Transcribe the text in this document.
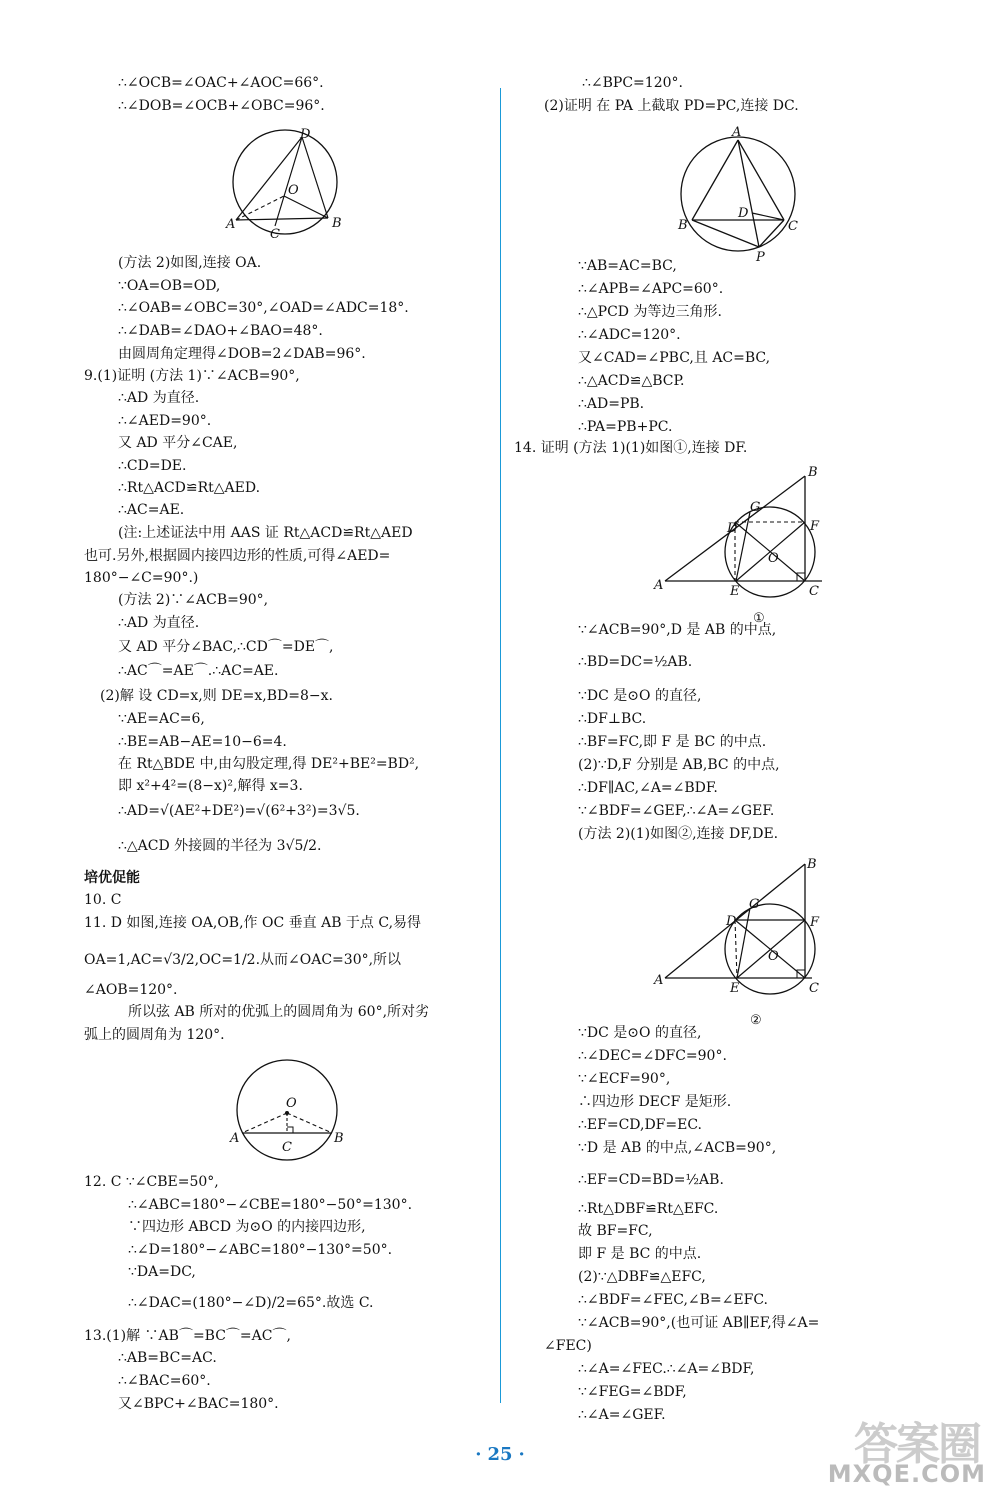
∴∠OCB=∠OAC+∠AOC=66°.
∴∠DOB=∠OCB+∠OBC=96°.
(方法 2)如图,连接 OA.
∵OA=OB=OD,
∴∠OAB=∠OBC=30°,∠OAD=∠ADC=18°.
∴∠DAB=∠DAO+∠BAO=48°.
由圆周角定理得∠DOB=2∠DAB=96°.
9.(1)证明 (方法 1)∵∠ACB=90°,
∴AD 为直径.
∴∠AED=90°.
又 AD 平分∠CAE,
∴CD=DE.
∴Rt△ACD≌Rt△AED.
∴AC=AE.
(注:上述证法中用 AAS 证 Rt△ACD≌Rt△AED
也可.另外,根据圆内接四边形的性质,可得∠AED=
180°−∠C=90°.)
(方法 2)∵∠ACB=90°,
∴AD 为直径.
又 AD 平分∠BAC,∴CD⌒=DE⌒,
∴AC⌒=AE⌒.∴AC=AE.
(2)解 设 CD=x,则 DE=x,BD=8−x.
∵AE=AC=6,
∴BE=AB−AE=10−6=4.
在 Rt△BDE 中,由勾股定理,得 DE²+BE²=BD²,
即 x²+4²=(8−x)²,解得 x=3.
∴AD=√(AE²+DE²)=√(6²+3²)=3√5.
∴△ACD 外接圆的半径为 3√5/2.
培优促能
10. C
11. D 如图,连接 OA,OB,作 OC 垂直 AB 于点 C,易得
OA=1,AC=√3/2,OC=1/2.从而∠OAC=30°,所以
∠AOB=120°.
所以弦 AB 所对的优弧上的圆周角为 60°,所对劣
弧上的圆周角为 120°.
12. C ∵∠CBE=50°,
∴∠ABC=180°−∠CBE=180°−50°=130°.
∵四边形 ABCD 为⊙O 的内接四边形,
∴∠D=180°−∠ABC=180°−130°=50°.
∵DA=DC,
∴∠DAC=(180°−∠D)/2=65°.故选 C.
13.(1)解 ∵AB⌒=BC⌒=AC⌒,
∴AB=BC=AC.
∴∠BAC=60°.
又∠BPC+∠BAC=180°.
∴∠BPC=120°.
(2)证明 在 PA 上截取 PD=PC,连接 DC.
∵AB=AC=BC,
∴∠APB=∠APC=60°.
∴△PCD 为等边三角形.
∴∠ADC=120°.
又∠CAD=∠PBC,且 AC=BC,
∴△ACD≌△BCP.
∴AD=PB.
∴PA=PB+PC.
14. 证明 (方法 1)(1)如图①,连接 DF.
∵∠ACB=90°,D 是 AB 的中点,
∴BD=DC=½AB.
∵DC 是⊙O 的直径,
∴DF⊥BC.
∴BF=FC,即 F 是 BC 的中点.
(2)∵D,F 分别是 AB,BC 的中点,
∴DF∥AC,∠A=∠BDF.
∵∠BDF=∠GEF,∴∠A=∠GEF.
(方法 2)(1)如图②,连接 DF,DE.
∵DC 是⊙O 的直径,
∴∠DEC=∠DFC=90°.
∵∠ECF=90°,
∴四边形 DECF 是矩形.
∴EF=CD,DF=EC.
∵D 是 AB 的中点,∠ACB=90°,
∴EF=CD=BD=½AB.
∴Rt△DBF≌Rt△EFC.
故 BF=FC,
即 F 是 BC 的中点.
(2)∵△DBF≌△EFC,
∴∠BDF=∠FEC,∠B=∠EFC.
∵∠ACB=90°,(也可证 AB∥EF,得∠A=
∠FEC)
∴∠A=∠FEC.∴∠A=∠BDF,
∵∠FEG=∠BDF,
∴∠A=∠GEF.
D
O
A	B
C
O
A	B
C
A
B	C
D
P
B
G
D	F
O
A	E	C
①
B
G
D	F
O
A
E	C
②
· 25 ·	答案圈
MXQE.COM
